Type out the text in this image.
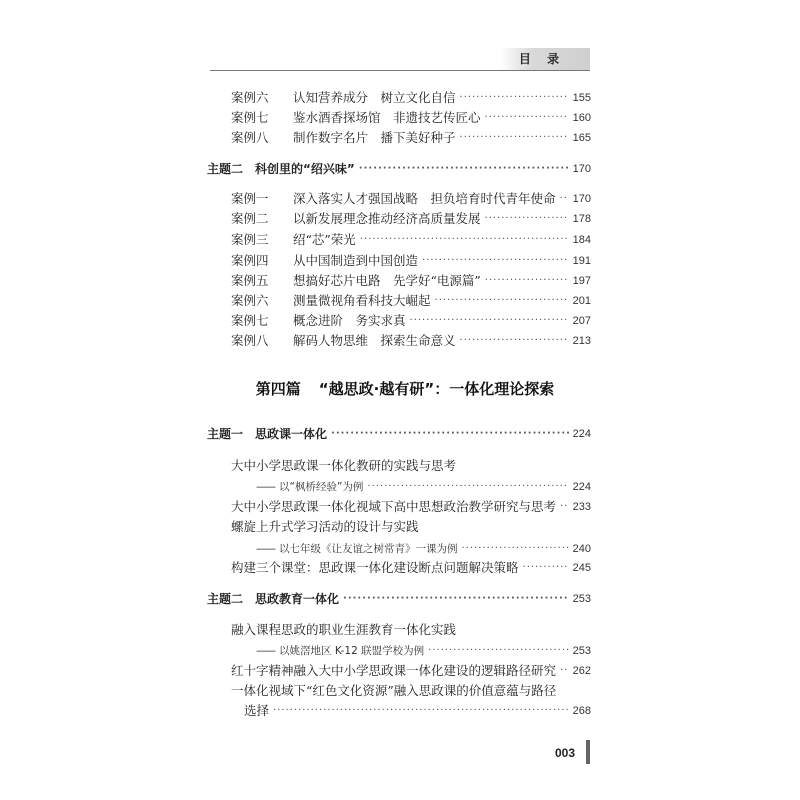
目 录
案例六	认知营养成分　树立文化自信 ·····	155
案例七	鉴水酒香探场馆　非遗技艺传匠心 ·····	160
案例八	制作数字名片　播下美好种子 ·····	165
主题二 科创里的“绍兴味” ·····	170
案例一	深入落实人才强国战略　担负培育时代青年使命 ····· 170
案例二	以新发展理念推动经济高质量发展 ·····	178
案例三	绍“芯”荣光 ·····	184
案例四	从中国制造到中国创造 ·····	191
案例五	想搞好芯片电路　先学好“电源篇” ·····	197
案例六	测量微视角看科技大崛起 ·····	201
案例七	概念进阶　务实求真 ·····	207
案例八	解码人物思维　探索生命意义 ·····	213
第四篇 “越思政·越有研”：一体化理论探索
主题一 思政课一体化 ·····	224
大中小学思政课一体化教研的实践与思考
—— 以“枫桥经验”为例 ·····	224
大中小学思政课一体化视域下高中思想政治教学研究与思考 ····· 233
螺旋上升式学习活动的设计与实践
—— 以七年级《让友谊之树常青》一课为例 ·····	240
构建三个课堂：思政课一体化建设断点问题解决策略 ·····	245
主题二 思政教育一体化 ·····	253
融入课程思政的职业生涯教育一体化实践
—— 以姚滘地区 K-12 联盟学校为例 ·····	253
红十字精神融入大中小学思政课一体化建设的逻辑路径研究 ····· 262
一体化视域下“红色文化资源”融入思政课的价值意蕴与路径
选择 ·····	268
003
